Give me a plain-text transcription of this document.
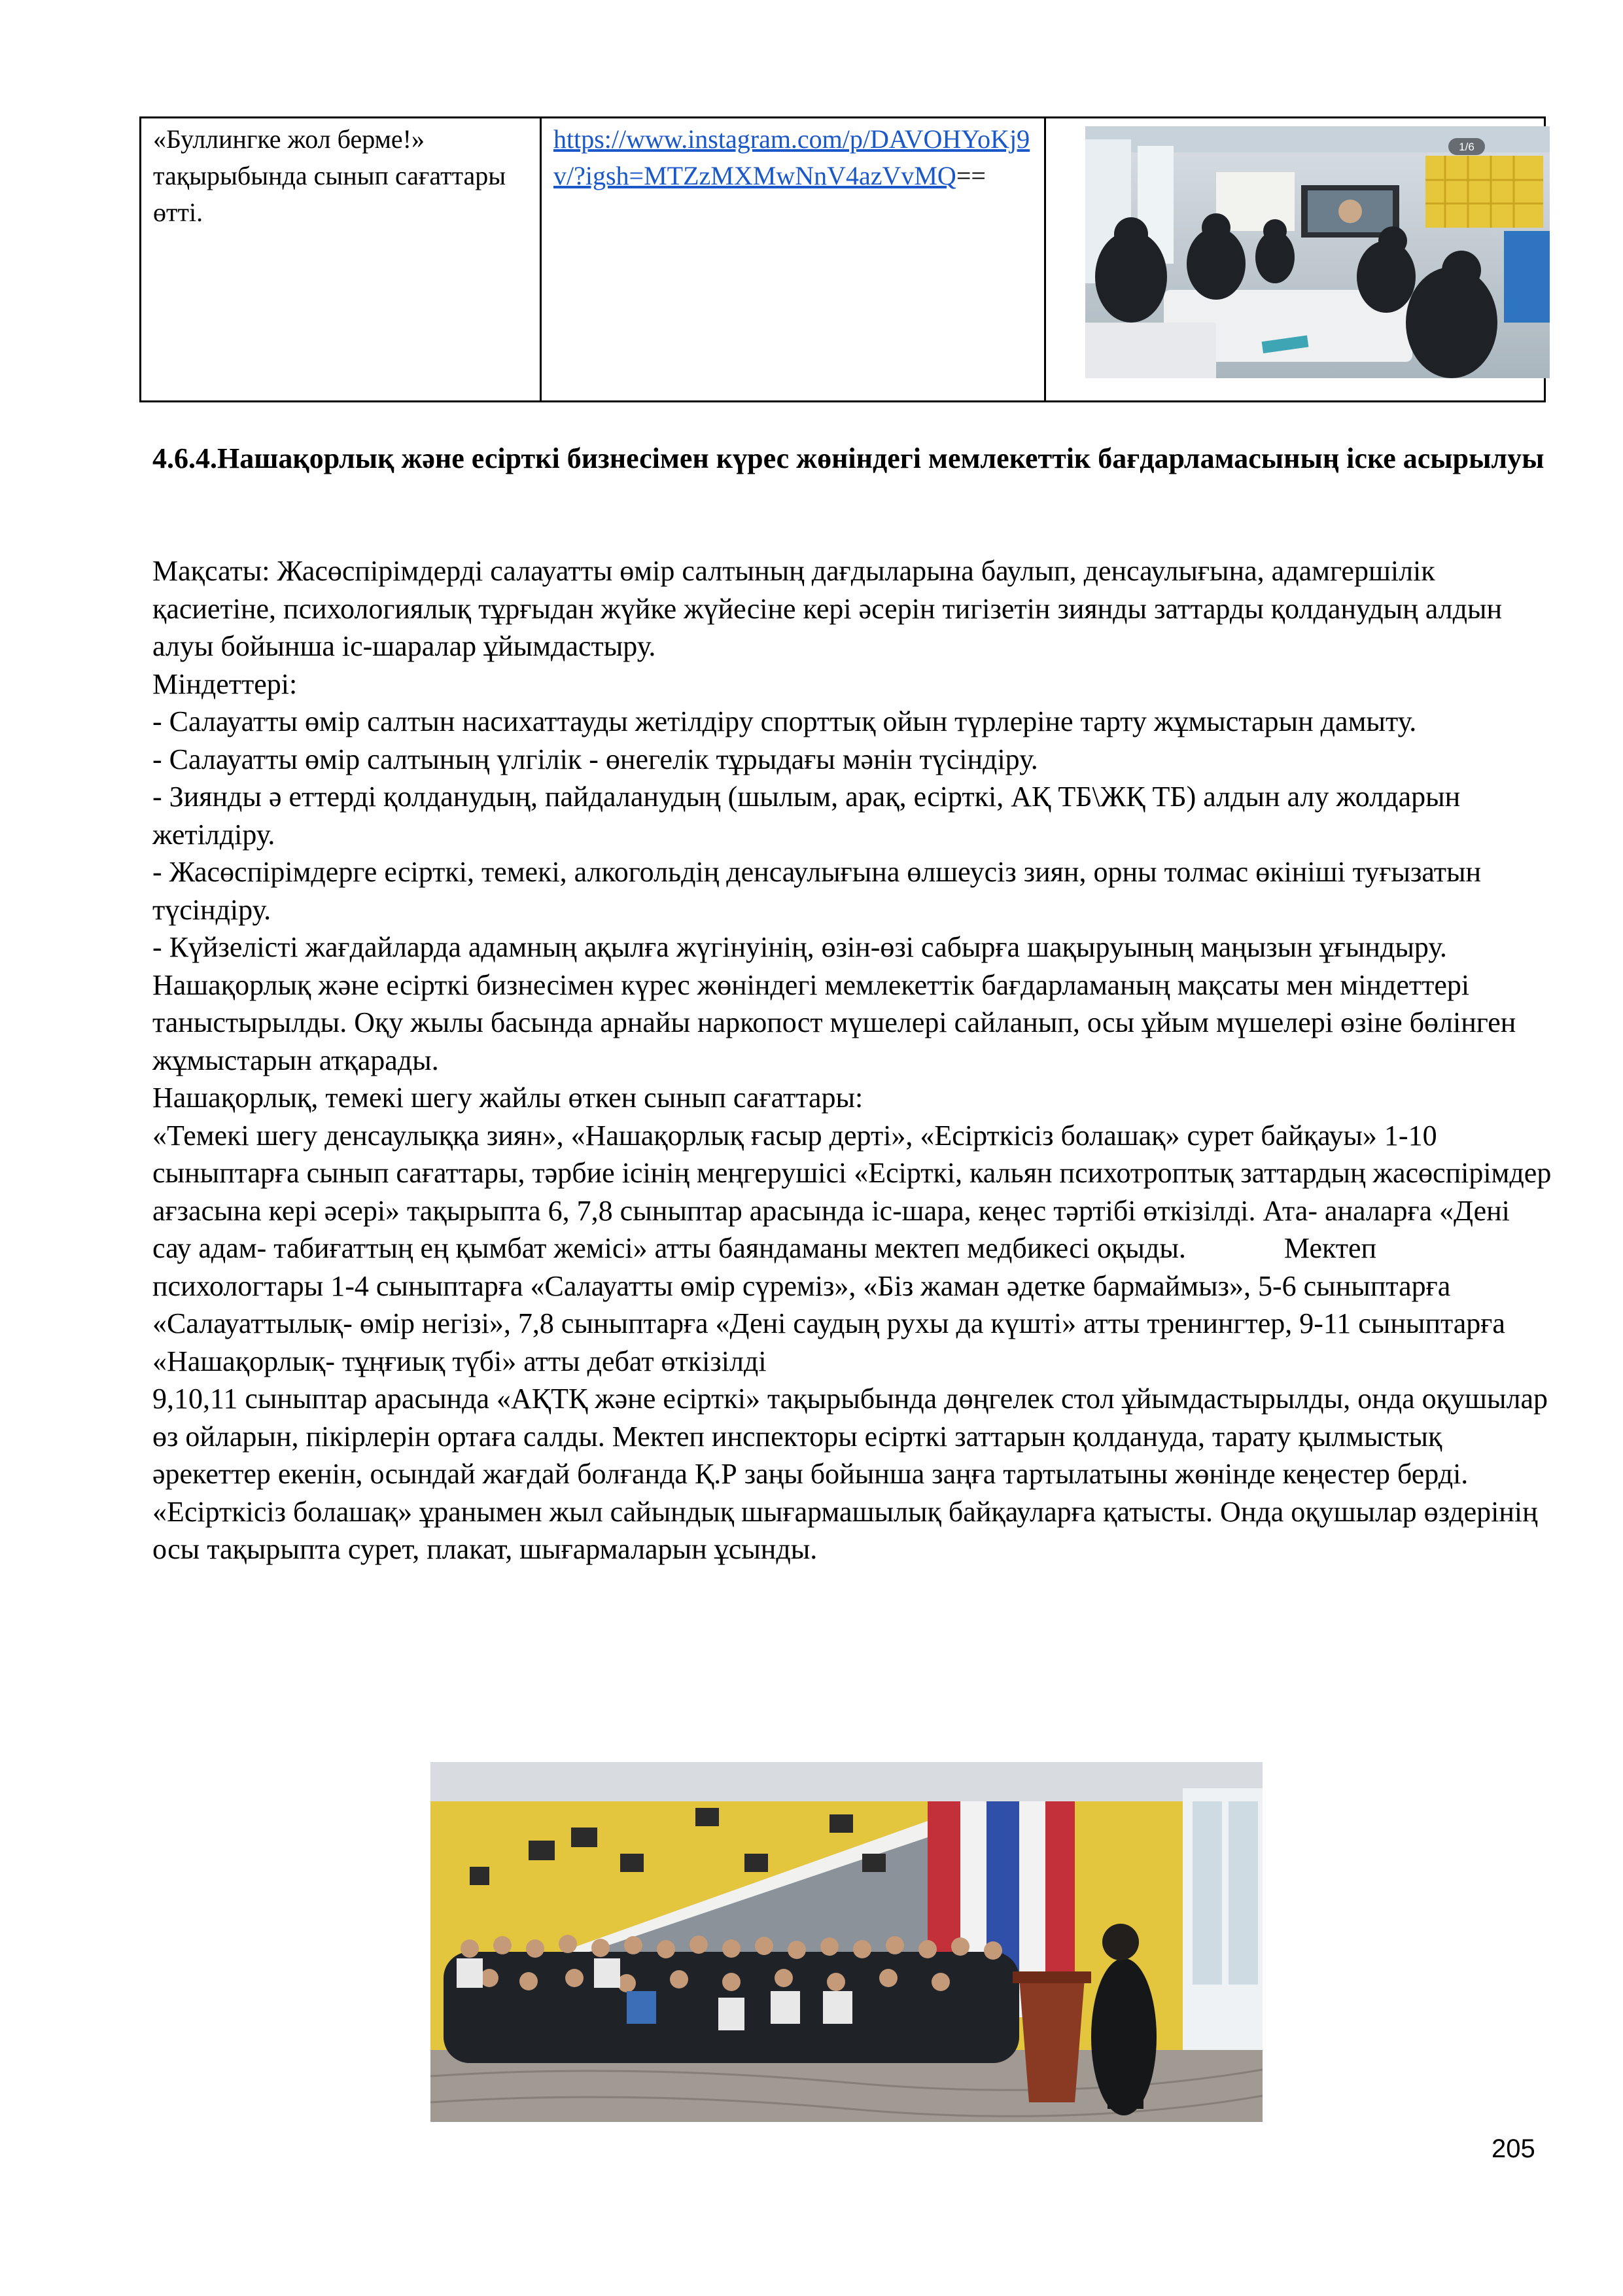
«Буллингке жол берме!» тақырыбында сынып сағаттары өтті.
https://www.instagram.com/p/DAVOHYoKj9v/?igsh=MTZzMXMwNnV4azVvMQ==
1/6
4.6.4.Нашақорлық және есірткі бизнесімен күрес жөніндегі мемлекеттік бағдарламасының іске асырылуы

Мақсаты: Жасөспірімдерді салауатты өмір салтының дағдыларына баулып, денсаулығына, адамгершілік қасиетіне, психологиялық тұрғыдан жүйке жүйесіне кері әсерін тигізетін зиянды заттарды қолданудың алдын алуы бойынша іс-шаралар ұйымдастыру.

Міндеттері:

- Салауатты өмір салтын насихаттауды жетілдіру спорттық ойын түрлеріне тарту жұмыстарын дамыту.

- Салауатты өмір салтының үлгілік - өнегелік тұрыдағы мәнін түсіндіру.

- Зиянды ә еттерді қолданудың, пайдаланудың (шылым, арақ, есірткі, АҚ ТБ\ЖҚ ТБ) алдын алу жолдарын жетілдіру.

- Жасөспірімдерге есірткі, темекі, алкогольдің денсаулығына өлшеусіз зиян, орны толмас өкініші туғызатын түсіндіру.

- Күйзелісті жағдайларда адамның ақылға жүгінуінің, өзін-өзі сабырға шақыруының маңызын ұғындыру.

Нашақорлық және есірткі бизнесімен күрес жөніндегі мемлекеттік бағдарламаның мақсаты мен міндеттері таныстырылды. Оқу жылы басында арнайы наркопост мүшелері сайланып, осы ұйым мүшелері өзіне бөлінген жұмыстарын атқарады.

Нашақорлық, темекі шегу жайлы өткен сынып сағаттары:

«Темекі шегу денсаулыққа зиян», «Нашақорлық ғасыр дерті», «Есірткісіз болашақ» сурет байқауы» 1-10 сыныптарға сынып сағаттары, тәрбие ісінің меңгерушісі «Есірткі, кальян психотроптық заттардың жасөспірімдер ағзасына кері әсері» тақырыпта 6, 7,8 сыныптар арасында іс-шара, кеңес тәртібі өткізілді. Ата- аналарға «Дені сау адам- табиғаттың ең қымбат жемісі» атты баяндаманы мектеп медбикесі оқыды.	Мектеп психологтары 1-4 сыныптарға «Салауатты өмір сүреміз», «Біз жаман әдетке бармаймыз», 5-6 сыныптарға «Салауаттылық- өмір негізі», 7,8 сыныптарға «Дені саудың рухы да күшті» атты тренингтер, 9-11 сыныптарға «Нашақорлық- тұңғиық түбі» атты дебат өткізілді

9,10,11 сыныптар арасында «АҚТҚ және есірткі» тақырыбында дөңгелек стол ұйымдастырылды, онда оқушылар өз ойларын, пікірлерін ортаға салды. Мектеп инспекторы есірткі заттарын қолдануда, тарату қылмыстық әрекеттер екенін, осындай жағдай болғанда Қ.Р заңы бойынша заңға тартылатыны жөнінде кеңестер берді. «Есірткісіз болашақ» ұранымен жыл сайындық шығармашылық байқауларға қатысты. Онда оқушылар өздерінің осы тақырыпта сурет, плакат, шығармаларын ұсынды.

205
